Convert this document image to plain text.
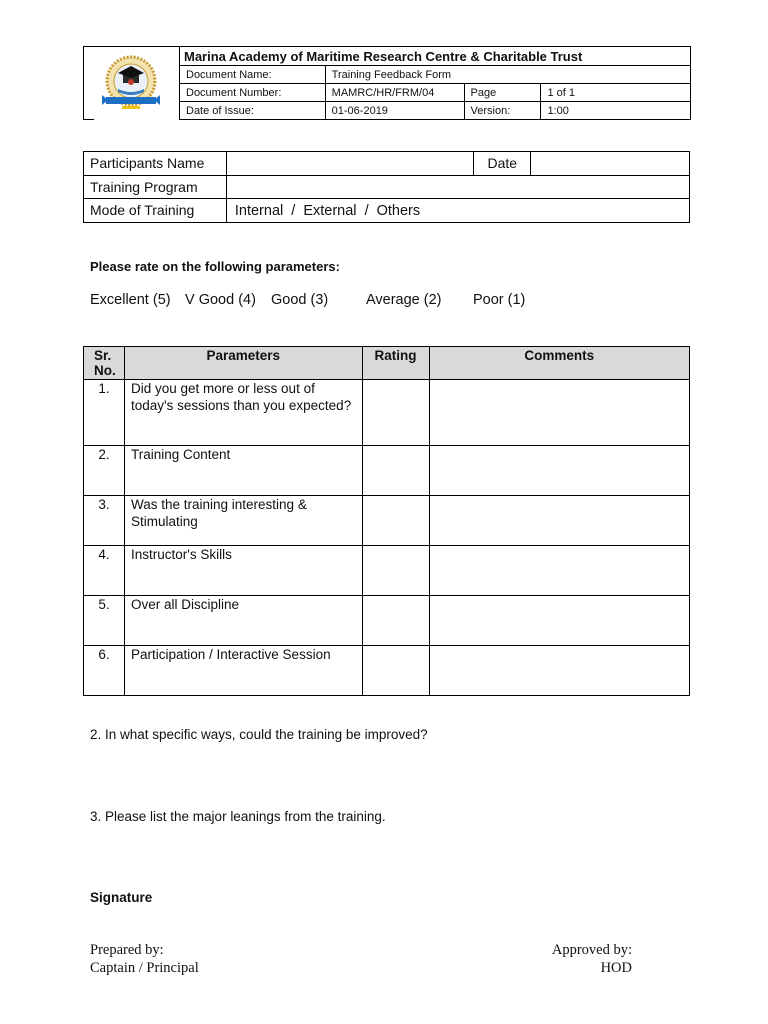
Marina Academy of Maritime Research Centre & Charitable Trust			
Document Name:	Training Feedback Form		
Document Number:	MAMRC/HR/FRM/04	Page	1 of 1
Date of Issue:	01-06-2019	Version:	1:00
Participants Name		Date	
Training Program			
Mode of Training	Internal / External / Others		
Please rate on the following parameters:

Excellent (5)

V Good (4)

Good (3)

	Average (2)

Poor (1)

Sr. No.	Parameters	Rating	Comments
1.	Did you get more or less out of today's sessions than you expected?		
2.	Training Content		
3.	Was the training interesting & Stimulating		
4.	Instructor's Skills		
5.	Over all Discipline		
6.	Participation / Interactive Session		
2. In what specific ways, could the training be improved?
3. Please list the major leanings from the training.
Signature
Prepared by:
Captain / Principal
Approved by:
HOD
